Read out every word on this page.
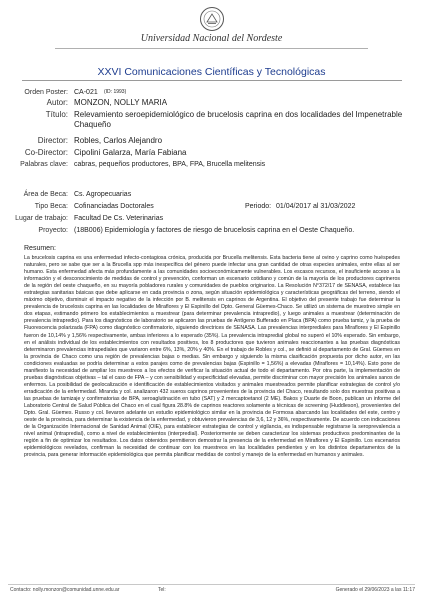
Universidad Nacional del Nordeste
XXVI Comunicaciones Científicas y Tecnológicas
Orden Poster: CA-021 (ID: 1993)
Autor: MONZON, NOLLY MARIA
Título: Relevamiento seroepidemiológico de brucelosis caprina en dos localidades del Impenetrable Chaqueño
Director: Robles, Carlos Alejandro
Co-Director: Cipolini Galarza, María Fabiana
Palabras clave: cabras, pequeños productores, BPA, FPA, Brucella melitensis
Área de Beca: Cs. Agropecuarias
Tipo Beca: Cofinanciadas Doctorales	Periodo: 01/04/2017 al 31/03/2022
Lugar de trabajo: Facultad De Cs. Veterinarias
Proyecto: (18B006) Epidemiología y factores de riesgo de brucelosis caprina en el Oeste Chaqueño.
Resumen:

La brucelosis caprina es una enfermedad infecto-contagiosa crónica, producida por Brucella melitensis. Esta bacteria tiene al ovino y caprino como huéspedes naturales, pero se sabe que ser a la Brucella spp más inespecífica del género puede infectar una gran cantidad de otras especies animales, entre ellas al ser humano. Esta enfermedad afecta más profundamente a las comunidades socioeconómicamente vulnerables. Los escasos recursos, el insuficiente acceso a la información y el desconocimiento de medidas de control y prevención, conforman un escenario cotidiano y común de la mayoría de los productores caprineros de la región del oeste chaqueño, en su mayoría pobladores rurales y comunidades de pueblos originarios. La Resolución N°372/17 de SENASA, establece las estrategias sanitarias básicas que debe aplicarse en cada provincia o zona, según situación epidemiológica y características geográficas del terreno, siendo el máximo objetivo, disminuir el impacto negativo de la infección por B. melitensis en caprinos de Argentina. El objetivo del presente trabajo fue determinar la prevalencia de brucelosis caprina en las localidades de Miraflores y El Espinillo del Dpto. General Güemes-Chaco. Se utilizó un sistema de muestreo simple en dos etapas, estimando primero los establecimientos a muestrear (para determinar prevalencia intrapredio), y luego animales a muestrear (determinación de prevalencia intrapredio). Para los diagnósticos de laboratorio se aplicaron las pruebas de Antígeno Bufferado en Placa (BPA) como prueba tamiz, y la prueba de Fluorescencia polarizada (FPA) como diagnóstico confirmatorio, siguiendo directrices de SENASA. Las prevalencias interprediales para Miraflores y El Espinillo fueron de 10,14% y 1,56% respectivamente, ambas inferiores a lo esperado (35%). La prevalencia intrapredial global no superó el 10% esperado. Sin embargo, en el análisis individual de los establecimientos con resultados positivos, los 8 productores que tuvieron animales reaccionantes a las pruebas diagnósticas determinaron prevalencias intrapediales que variaron entre 6%, 13%, 20% y 40%. En el trabajo de Robles y col., se definió al departamento de Gral. Güemes en la provincia de Chaco como una región de prevalencias bajas o medias. Sin embargo y siguiendo la misma clasificación propuesta por dicho autor, en las condiciones evaluadas se podría determinar a estos parajes como de prevalencias bajas (Espinillo = 1,56%) a elevadas (Miraflores = 10,14%). Esto pone de manifiesto la necesidad de ampliar los muestreos a los efectos de verificar la situación actual de todo el departamento. Por otra parte, la implementación de pruebas diagnósticas objetivas – tal el caso de FPA – y con sensibilidad y especificidad elevadas, permite discriminar con mayor precisión los animales sanos de enfermos. La posibilidad de geolocalización e identificación de establecimientos visitados y animales muestreados permite planificar estrategias de control y/o erradicación de la enfermedad. Miranda y col. analizaron 432 sueros caprinos provenientes de la provincia del Chaco, resultando solo dos muestras positivas a las pruebas de tamizaje y confirmatorias de BPA, seroaglutinación en tubo (SAT) y 2 mercaptoetanol (2 ME). Bakos y Duarte de Boon, publican un informe del Laboratorio Central de Salud Pública del Chaco en el cual figura 28.8% de caprinos reactores solamente a técnicas de screening (Huddleson), provenientes del Dpto. Gral. Güemes. Russo y col. llevaron adelante un estudio epidemiológico similar en la provincia de Formosa abarcando las localidades del este, centro y oeste de la provincia, para determinar la existencia de la enfermedad, y obtuvieron prevalencias de 3,6, 12 y 36%, respectivamente. De acuerdo con indicaciones de la Organización Internacional de Sanidad Animal (OIE), para establecer estrategias de control y vigilancia, es indispensable registrarse la seroprevalencia a nivel animal (intrapredial), como a nivel de establecimientos (interpredial). Posteriormente se deben caracterizar los sistemas productivos predominantes de la región a fin de optimizar los resultados. Los datos obtenidos permitieron demostrar la presencia de la enfermedad en Miraflores y El Espinillo. Los escenarios epidemiológicos revelados, confirman la necesidad de continuar con los muestreos en las localidades pendientes y en los distintos departamentos de la provincia, para generar información epidemiológica que permita planificar medidas de control y manejo de la enfermedad en humanos y animales.

Contacto: nolly.monzon@comunidad.unne.edu.ar	Tel:	Generado el 29/06/2023 a las 11:17
